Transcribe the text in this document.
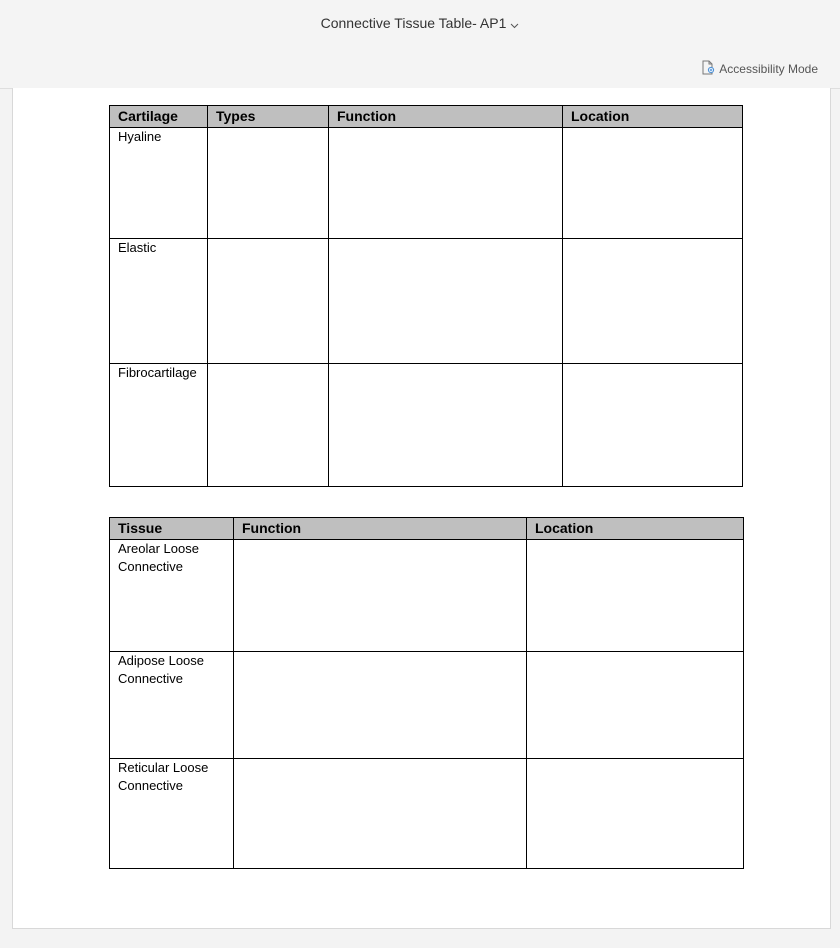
Connective Tissue Table- AP1
Accessibility Mode
Cartilage	Types	Function	Location
Hyaline			
Elastic			
Fibrocartilage			
Tissue	Function	Location
Areolar Loose Connective		
Adipose Loose Connective		
Reticular Loose Connective		
